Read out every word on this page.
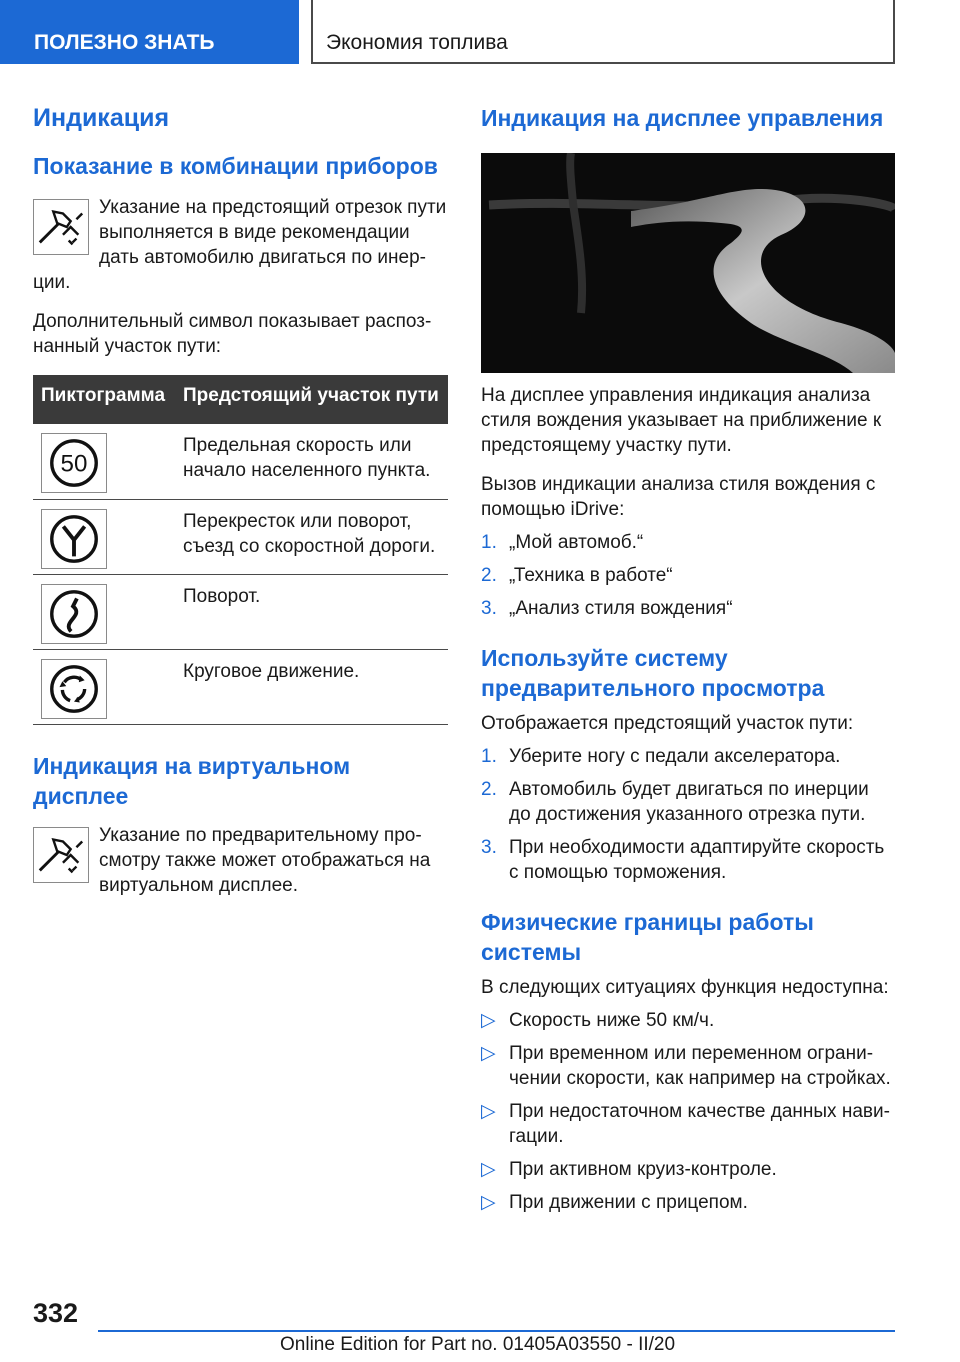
ПОЛЕЗНО ЗНАТЬ	Экономия топлива
Индикация
Показание в комбинации приборов

Указание на предстоящий отрезок пути выполняется в виде рекомендации дать автомобилю двигаться по инерции.

Дополнительный символ показывает распознанный участок пути:

Пиктограмма	Предстоящий участок пути

50	Предельная скорость или начало населенного пункта.

	Перекресток или поворот, съезд со скоростной дороги.

	Поворот.

	Круговое движение.
Индикация на виртуальном дисплее

Указание по предварительному просмотру также может отображаться на виртуальном дисплее.

Индикация на дисплее управления

На дисплее управления индикация анализа стиля вождения указывает на приближение к предстоящему участку пути.

Вызов индикации анализа стиля вождения с помощью iDrive:

1. „Мой автомоб.“
2. „Техника в работе“
3. „Анализ стиля вождения“
Используйте систему предварительного просмотра

Отображается предстоящий участок пути:

1. Уберите ногу с педали акселератора.
2. Автомобиль будет двигаться по инерции до достижения указанного отрезка пути.
3. При необходимости адаптируйте скорость с помощью торможения.
Физические границы работы системы

В следующих ситуациях функция недоступна:

▷ Скорость ниже 50 км/ч.
▷ При временном или переменном ограничении скорости, как например на стройках.
▷ При недостаточном качестве данных навигации.
▷ При активном круиз-контроле.
▷ При движении с прицепом.
332
Online Edition for Part no. 01405A03550 - II/20
